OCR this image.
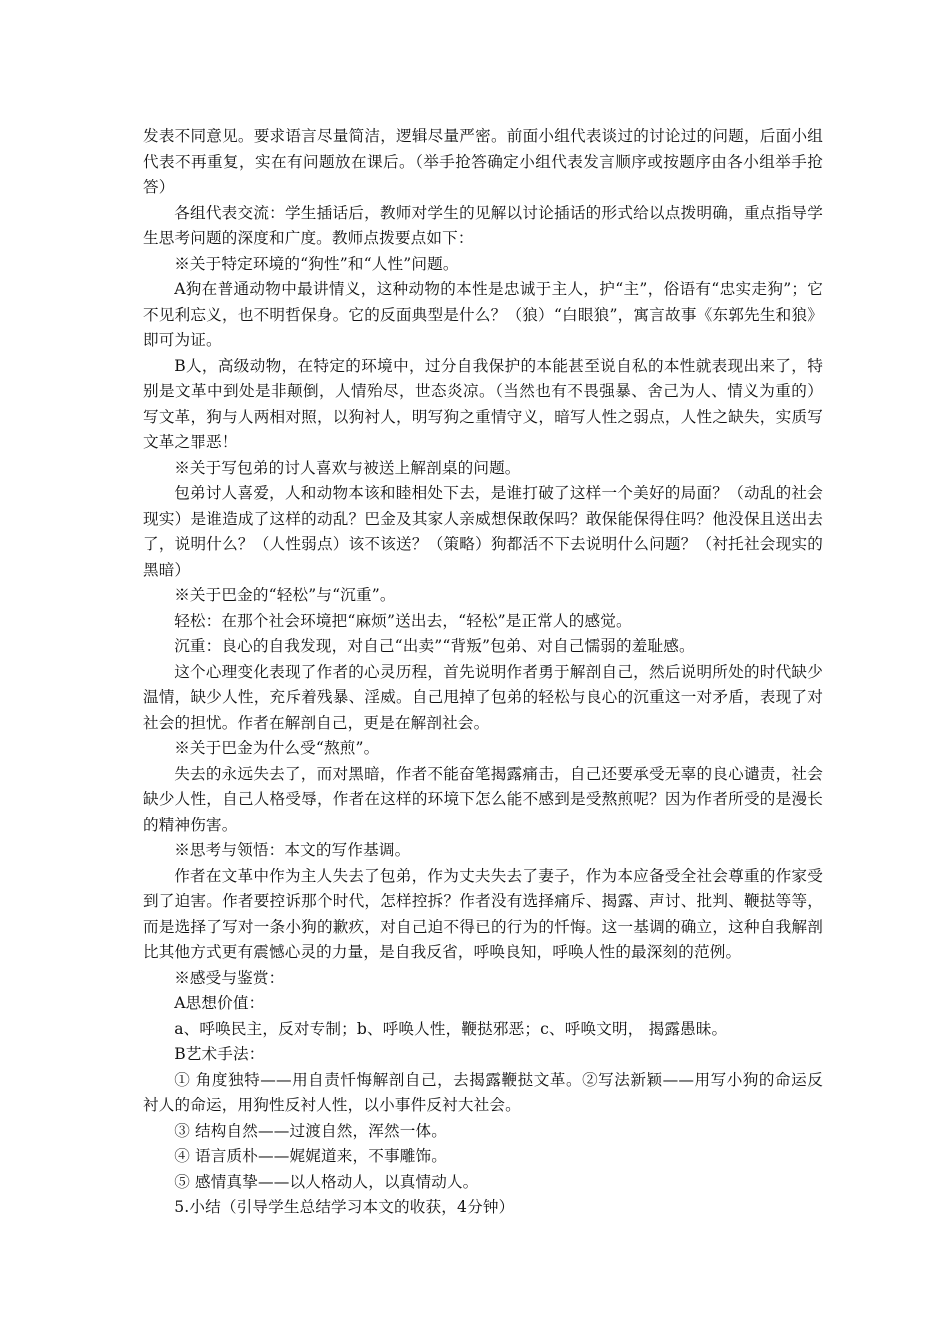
发表不同意见。要求语言尽量简洁，逻辑尽量严密。前面小组代表谈过的讨论过的问题，后面小组代表不再重复，实在有问题放在课后。（举手抢答确定小组代表发言顺序或按题序由各小组举手抢答）

各组代表交流：学生插话后，教师对学生的见解以讨论插话的形式给以点拨明确，重点指导学生思考问题的深度和广度。教师点拨要点如下：

※关于特定环境的“狗性”和“人性”问题。

A狗在普通动物中最讲情义，这种动物的本性是忠诚于主人，护“主”，俗语有“忠实走狗”；它不见利忘义，也不明哲保身。它的反面典型是什么？（狼）“白眼狼”，寓言故事《东郭先生和狼》即可为证。

B人，高级动物，在特定的环境中，过分自我保护的本能甚至说自私的本性就表现出来了，特别是文革中到处是非颠倒，人情殆尽，世态炎凉。（当然也有不畏强暴、舍己为人、情义为重的）写文革，狗与人两相对照，以狗衬人，明写狗之重情守义，暗写人性之弱点，人性之缺失，实质写文革之罪恶！

※关于写包弟的讨人喜欢与被送上解剖桌的问题。

包弟讨人喜爱，人和动物本该和睦相处下去，是谁打破了这样一个美好的局面？（动乱的社会现实）是谁造成了这样的动乱？巴金及其家人亲威想保敢保吗？敢保能保得住吗？他没保且送出去了，说明什么？（人性弱点）该不该送？（策略）狗都活不下去说明什么问题？（衬托社会现实的黑暗）

※关于巴金的“轻松”与“沉重”。

轻松：在那个社会环境把“麻烦”送出去，“轻松”是正常人的感觉。

沉重：良心的自我发现，对自己“出卖”“背叛”包弟、对自己懦弱的羞耻感。

这个心理变化表现了作者的心灵历程，首先说明作者勇于解剖自己，然后说明所处的时代缺少温情，缺少人性，充斥着残暴、淫威。自己甩掉了包弟的轻松与良心的沉重这一对矛盾，表现了对社会的担忧。作者在解剖自己，更是在解剖社会。

※关于巴金为什么受“熬煎”。

失去的永远失去了，而对黑暗，作者不能奋笔揭露痛击，自己还要承受无辜的良心谴责，社会缺少人性，自己人格受辱，作者在这样的环境下怎么能不感到是受熬煎呢？因为作者所受的是漫长的精神伤害。

※思考与领悟：本文的写作基调。

作者在文革中作为主人失去了包弟，作为丈夫失去了妻子，作为本应备受全社会尊重的作家受到了迫害。作者要控诉那个时代，怎样控拆？作者没有选择痛斥、揭露、声讨、批判、鞭挞等等，而是选择了写对一条小狗的歉疚，对自己迫不得已的行为的忏悔。这一基调的确立，这种自我解剖比其他方式更有震憾心灵的力量，是自我反省，呼唤良知，呼唤人性的最深刻的范例。

※感受与鉴赏：

A思想价值：

a、呼唤民主，反对专制；b、呼唤人性，鞭挞邪恶；c、呼唤文明， 揭露愚昧。

B艺术手法：

① 角度独特——用自责忏悔解剖自己，去揭露鞭挞文革。②写法新颖——用写小狗的命运反衬人的命运，用狗性反衬人性，以小事件反衬大社会。

③ 结构自然——过渡自然，浑然一体。

④ 语言质朴——娓娓道来，不事雕饰。

⑤ 感情真挚——以人格动人，以真情动人。

5.小结（引导学生总结学习本文的收获，4分钟）
